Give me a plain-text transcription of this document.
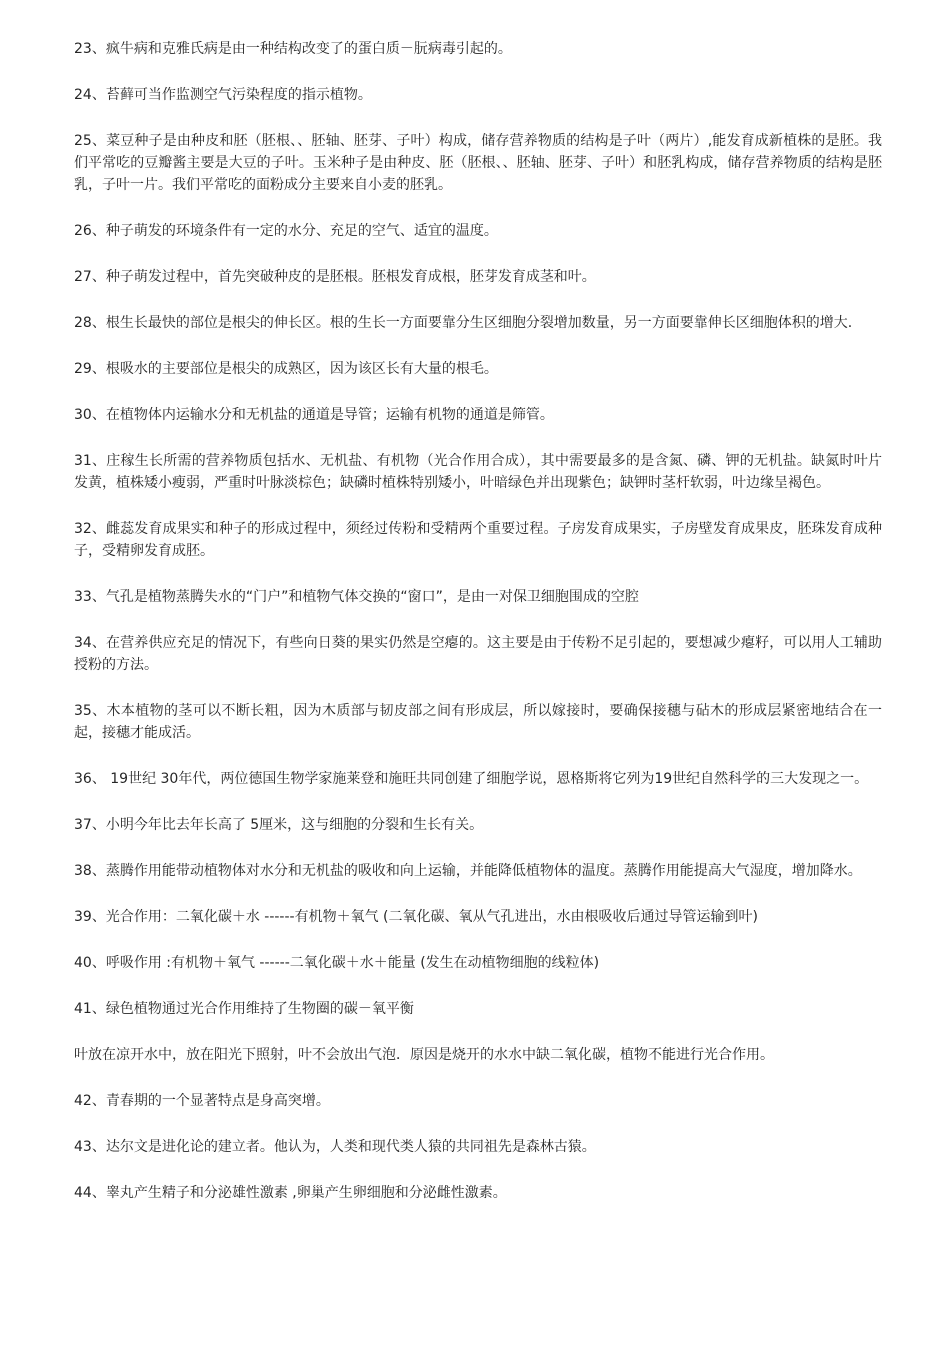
23、疯牛病和克雅氏病是由一种结构改变了的蛋白质－朊病毒引起的。

24、苔藓可当作监测空气污染程度的指示植物。

25、菜豆种子是由种皮和胚（胚根、、胚轴、胚芽、子叶）构成，储存营养物质的结构是子叶（两片）,能发育成新植株的是胚。我们平常吃的豆瓣酱主要是大豆的子叶。玉米种子是由种皮、胚（胚根、、胚轴、胚芽、子叶）和胚乳构成，储存营养物质的结构是胚乳，子叶一片。我们平常吃的面粉成分主要来自小麦的胚乳。

26、种子萌发的环境条件有一定的水分、充足的空气、适宜的温度。

27、种子萌发过程中，首先突破种皮的是胚根。胚根发育成根，胚芽发育成茎和叶。

28、根生长最快的部位是根尖的伸长区。根的生长一方面要靠分生区细胞分裂增加数量，另一方面要靠伸长区细胞体积的增大.

29、根吸水的主要部位是根尖的成熟区，因为该区长有大量的根毛。

30、在植物体内运输水分和无机盐的通道是导管；运输有机物的通道是筛管。

31、庄稼生长所需的营养物质包括水、无机盐、有机物（光合作用合成），其中需要最多的是含氮、磷、钾的无机盐。缺氮时叶片发黄，植株矮小瘦弱，严重时叶脉淡棕色；缺磷时植株特别矮小，叶暗绿色并出现紫色；缺钾时茎杆软弱，叶边缘呈褐色。

32、雌蕊发育成果实和种子的形成过程中，须经过传粉和受精两个重要过程。子房发育成果实，子房壁发育成果皮，胚珠发育成种子，受精卵发育成胚。

33、气孔是植物蒸腾失水的“门户”和植物气体交换的“窗口”，是由一对保卫细胞围成的空腔

34、在营养供应充足的情况下，有些向日葵的果实仍然是空瘪的。这主要是由于传粉不足引起的，要想减少瘪籽，可以用人工辅助授粉的方法。

35、木本植物的茎可以不断长粗，因为木质部与韧皮部之间有形成层，所以嫁接时，要确保接穗与砧木的形成层紧密地结合在一起，接穗才能成活。

36、 19世纪 30年代，两位德国生物学家施莱登和施旺共同创建了细胞学说，恩格斯将它列为19世纪自然科学的三大发现之一。

37、小明今年比去年长高了 5厘米，这与细胞的分裂和生长有关。

38、蒸腾作用能带动植物体对水分和无机盐的吸收和向上运输，并能降低植物体的温度。蒸腾作用能提高大气湿度，增加降水。

39、光合作用：二氧化碳＋水 ------有机物＋氧气 (二氧化碳、氧从气孔进出，水由根吸收后通过导管运输到叶)

40、呼吸作用 :有机物＋氧气 ------二氧化碳＋水＋能量 (发生在动植物细胞的线粒体)

41、绿色植物通过光合作用维持了生物圈的碳－氧平衡

叶放在凉开水中，放在阳光下照射，叶不会放出气泡．原因是烧开的水水中缺二氧化碳，植物不能进行光合作用。

42、青春期的一个显著特点是身高突增。

43、达尔文是进化论的建立者。他认为，人类和现代类人猿的共同祖先是森林古猿。

44、睾丸产生精子和分泌雄性激素 ,卵巢产生卵细胞和分泌雌性激素。
